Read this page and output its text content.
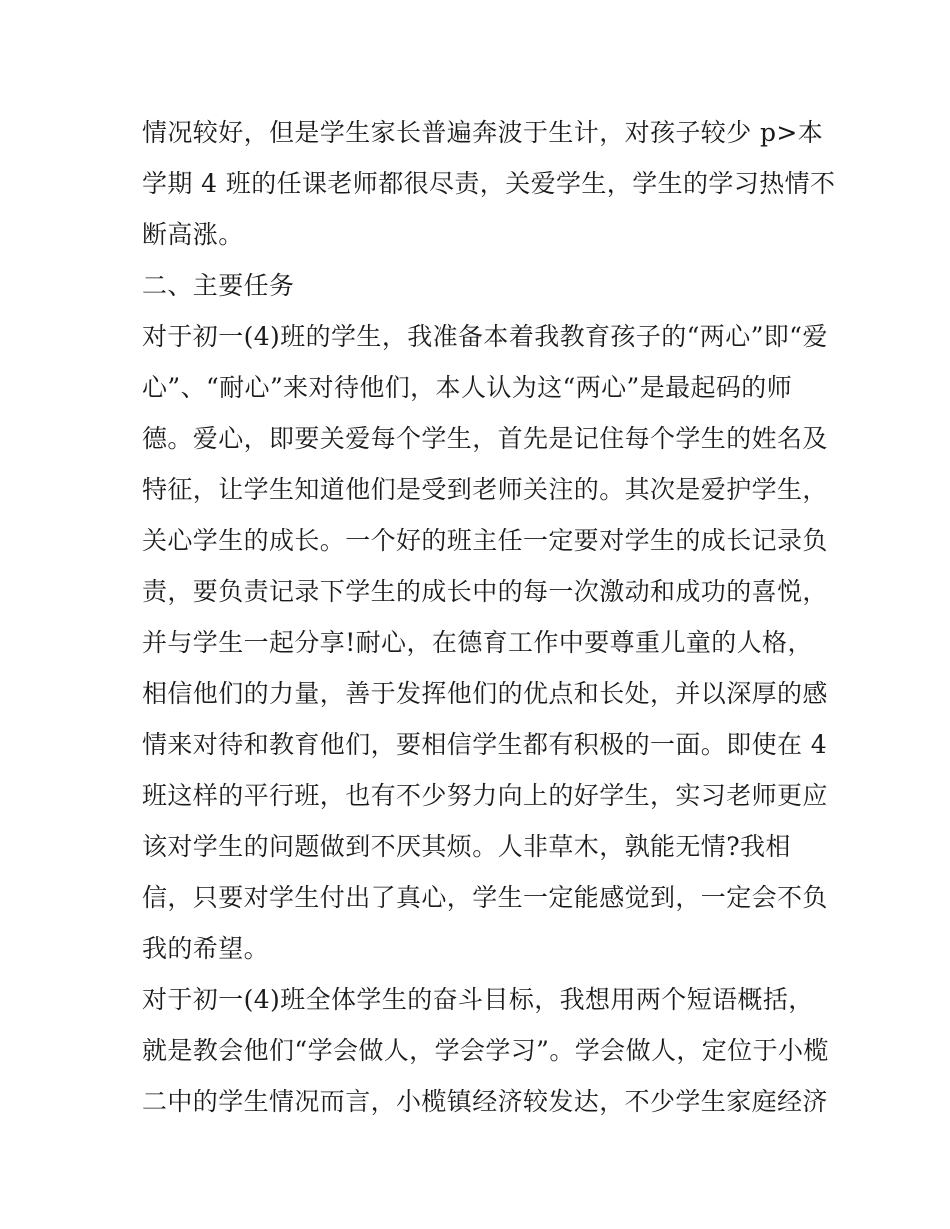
情况较好，但是学生家长普遍奔波于生计，对孩子较少 p>本
学期 4 班的任课老师都很尽责，关爱学生，学生的学习热情不
断高涨。
二、主要任务
对于初一(4)班的学生，我准备本着我教育孩子的“两心”即“爱
心”、“耐心”来对待他们，本人认为这“两心”是最起码的师
德。爱心，即要关爱每个学生，首先是记住每个学生的姓名及
特征，让学生知道他们是受到老师关注的。其次是爱护学生，
关心学生的成长。一个好的班主任一定要对学生的成长记录负
责，要负责记录下学生的成长中的每一次激动和成功的喜悦，
并与学生一起分享!耐心，在德育工作中要尊重儿童的人格，
相信他们的力量，善于发挥他们的优点和长处，并以深厚的感
情来对待和教育他们，要相信学生都有积极的一面。即使在 4
班这样的平行班，也有不少努力向上的好学生，实习老师更应
该对学生的问题做到不厌其烦。人非草木，孰能无情?我相
信，只要对学生付出了真心，学生一定能感觉到，一定会不负
我的希望。
对于初一(4)班全体学生的奋斗目标，我想用两个短语概括，
就是教会他们“学会做人，学会学习”。学会做人，定位于小榄
二中的学生情况而言，小榄镇经济较发达，不少学生家庭经济
